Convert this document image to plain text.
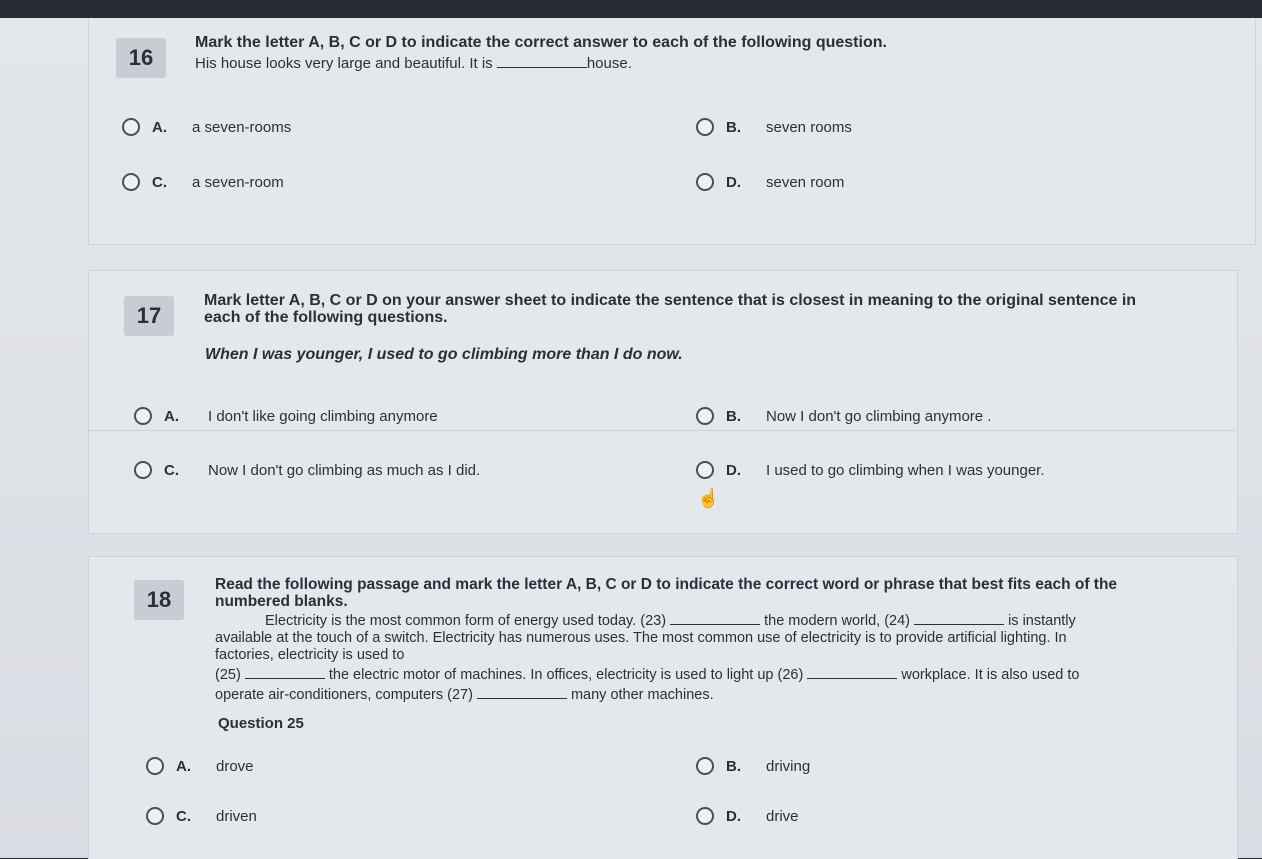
16
Mark the letter A, B, C or D to indicate the correct answer to each of the following question.
His house looks very large and beautiful. It is	house.
A.	a seven-rooms	B.	seven rooms
C.	a seven-room	D.	seven room
17
Mark letter A, B, C or D on your answer sheet to indicate the sentence that is closest in meaning to the original sentence in
each of the following questions.
When I was younger, I used to go climbing more than I do now.
A.	I don't like going climbing anymore	B.	Now I don't go climbing anymore .
C.	Now I don't go climbing as much as I did.	D.	I used to go climbing when I was younger.
☝
18
Read the following passage and mark the letter A, B, C or D to indicate the correct word or phrase that best fits each of the
numbered blanks.

Electricity is the most common form of energy used today. (23)	the modern world, (24)	is instantly

available at the touch of a switch. Electricity has numerous uses. The most common use of electricity is to provide artificial lighting. In

factories, electricity is used to

(25)	the electric motor of machines. In offices, electricity is used to light up (26)	workplace. It is also used to

operate air-conditioners, computers (27)	many other machines.

Question 25
A.	drove	B.	driving
C.	driven	D.	drive
